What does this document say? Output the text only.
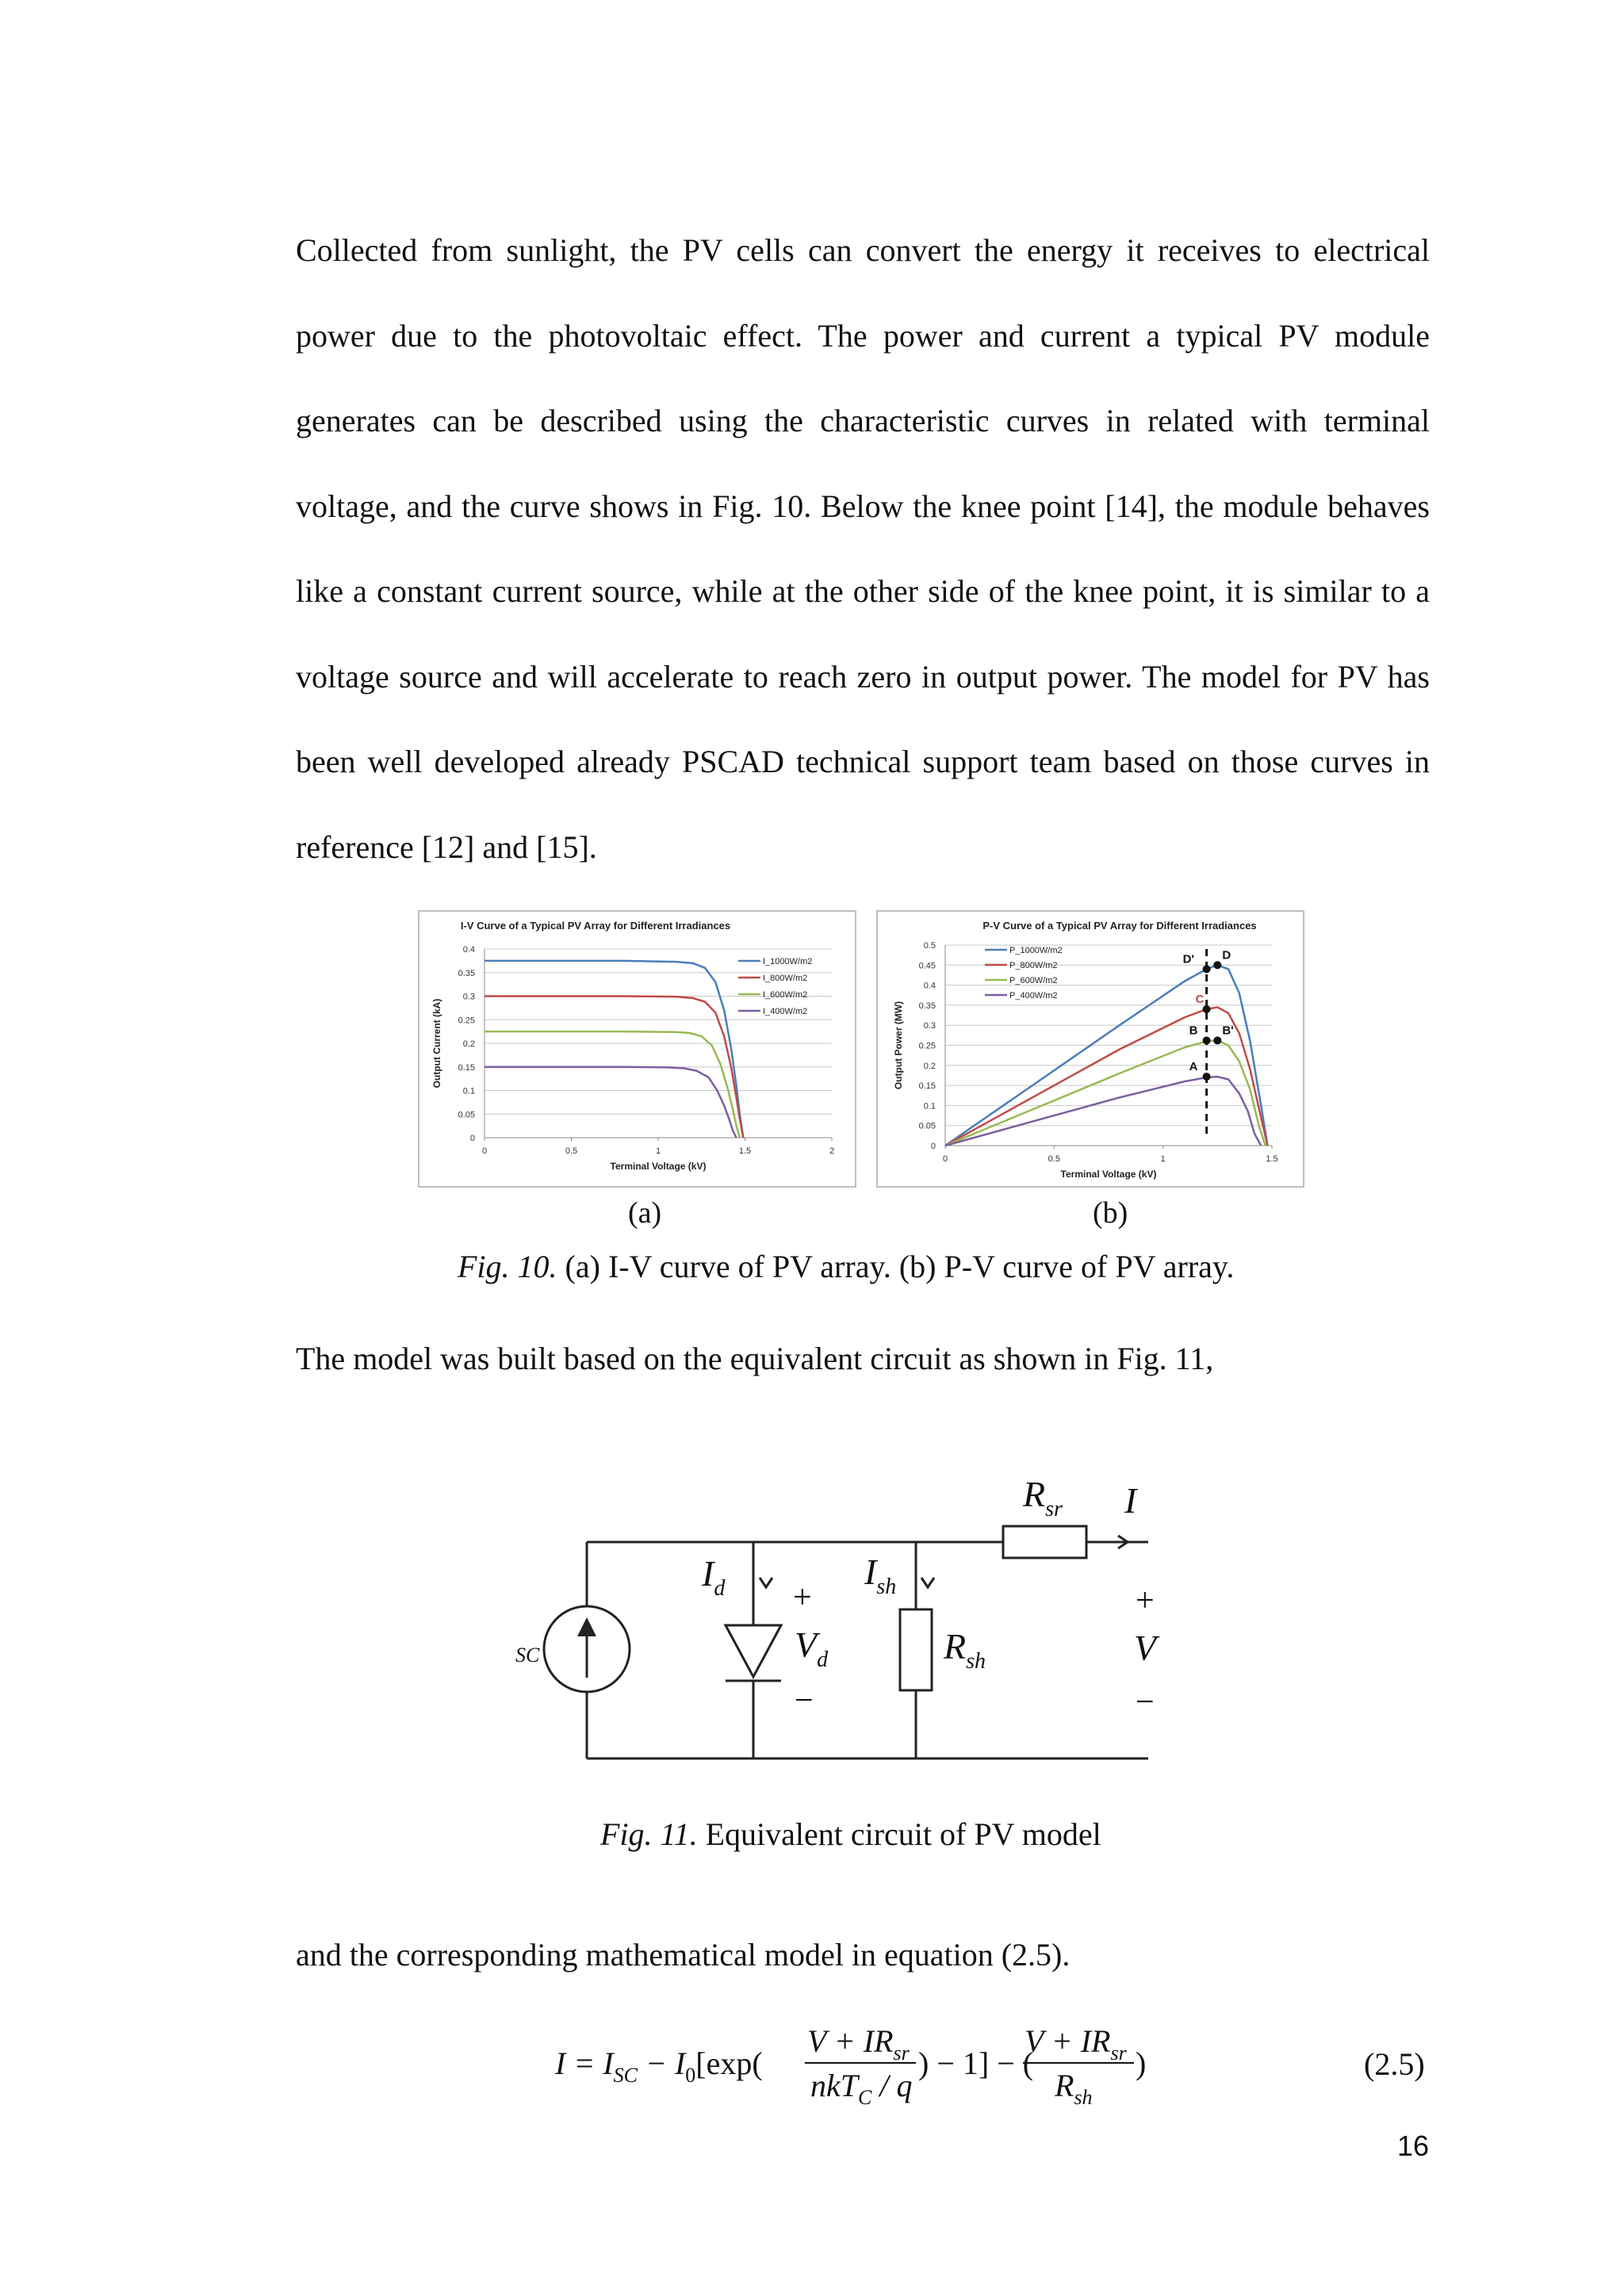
Collected from sunlight, the PV cells can convert the energy it receives to electrical power due to the photovoltaic effect. The power and current a typical PV module generates can be described using the characteristic curves in related with terminal voltage, and the curve shows in Fig. 10. Below the knee point [14], the module behaves like a constant current source, while at the other side of the knee point, it is similar to a voltage source and will accelerate to reach zero in output power. The model for PV has been well developed already PSCAD technical support team based on those curves in reference [12] and [15].

I-V Curve of a Typical PV Array for Different Irradiances
0
0.05
0.1
0.15
0.2
0.25
0.3
0.35
0.4
0	0.5	1	1.5	2
Terminal Voltage (kV)
Output Current (kA)
I_1000W/m2
I_800W/m2
I_600W/m2
I_400W/m2
P-V Curve of a Typical PV Array for Different Irradiances
0
0.05
0.1
0.15
0.2
0.25
0.3
0.35
0.4
0.45
0.5
0	0.5	1	1.5
Terminal Voltage (kV)
Output Power (MW)
P_1000W/m2
P_800W/m2
P_600W/m2
P_400W/m2
D' D
C
B B'
A
(a)	(b)
Fig. 10. (a) I-V curve of PV array. (b) P-V curve of PV array.

The model was built based on the equivalent circuit as shown in Fig. 11,

$R_{sr}$ I
$I_d$	$I_{sh}$
+
$V_d$
−
$R_{sh}$
+
V
−
SC
Fig. 11. Equivalent circuit of PV model

and the corresponding mathematical model in equation (2.5).

$I = I_{SC} - I_0[\exp$(
$V + IR_{sr}$
nkT$_C$ / q
) − 1] − (
$V + IR_{sr}$
$R_{sh}$
)	(2.5)
16
